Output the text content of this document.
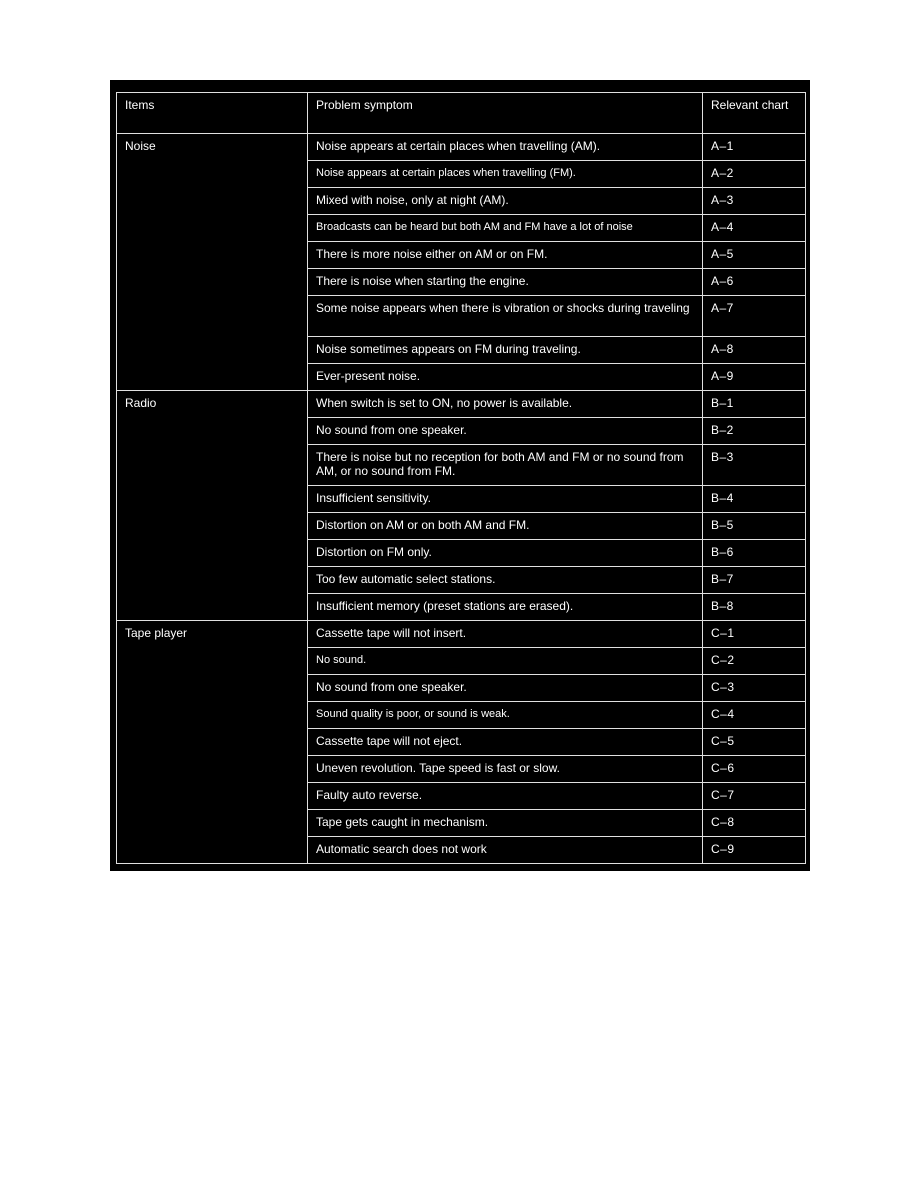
Items	Problem symptom	Relevant chart
Noise	Noise appears at certain places when travelling (AM).	A–1
	Noise appears at certain places when travelling (FM).	A–2
	Mixed with noise, only at night (AM).	A–3
	Broadcasts can be heard but both AM and FM have a lot of noise	A–4
	There is more noise either on AM or on FM.	A–5
	There is noise when starting the engine.	A–6
	Some noise appears when there is vibration or shocks during traveling	A–7
	Noise sometimes appears on FM during traveling.	A–8
	Ever-present noise.	A–9
Radio	When switch is set to ON, no power is available.	B–1
	No sound from one speaker.	B–2
	There is noise but no reception for both AM and FM or no sound from AM, or no sound from FM.	B–3
	Insufficient sensitivity.	B–4
	Distortion on AM or on both AM and FM.	B–5
	Distortion on FM only.	B–6
	Too few automatic select stations.	B–7
	Insufficient memory (preset stations are erased).	B–8
Tape player	Cassette tape will not insert.	C–1
	No sound.	C–2
	No sound from one speaker.	C–3
	Sound quality is poor, or sound is weak.	C–4
	Cassette tape will not eject.	C–5
	Uneven revolution. Tape speed is fast or slow.	C–6
	Faulty auto reverse.	C–7
	Tape gets caught in mechanism.	C–8
	Automatic search does not work	C–9
